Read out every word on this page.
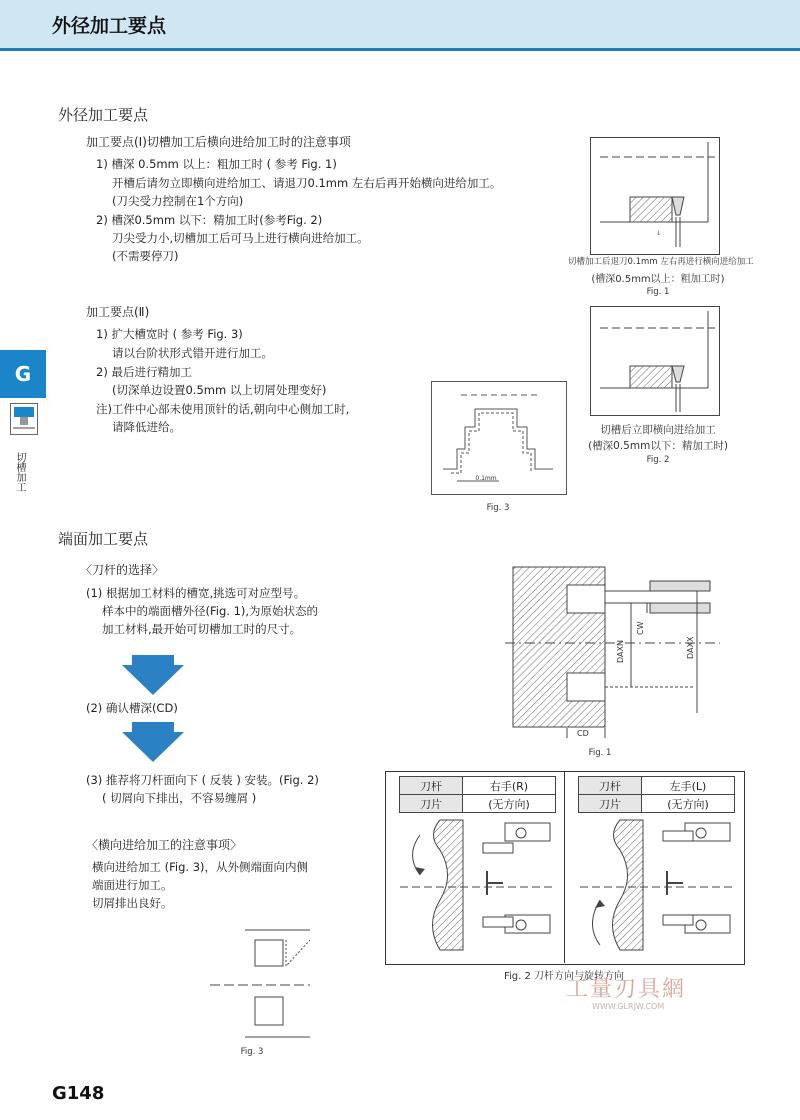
外径加工要点
G
切槽加工
外径加工要点
加工要点(Ⅰ)切槽加工后横向进给加工时的注意事项
1) 槽深 0.5mm 以上：粗加工时 ( 参考 Fig. 1)
开槽后请勿立即横向进给加工、请退刀0.1mm 左右后再开始横向进给加工。
(刀尖受力控制在1个方向)
2) 槽深0.5mm 以下：精加工时(参考Fig. 2)
刀尖受力小,切槽加工后可马上进行横向进给加工。
(不需要停刀)
加工要点(Ⅱ)
1) 扩大槽宽时 ( 参考 Fig. 3)
请以台阶状形式错开进行加工。
2) 最后进行精加工
(切深单边设置0.5mm 以上切屑处理变好)
注)工件中心部未使用顶针的话,朝向中心侧加工时,
请降低进给。
↓
切槽加工后退刀0.1mm 左右再进行横向进给加工
(槽深0.5mm以上：粗加工时)
Fig. 1
切槽后立即横向进给加工
(槽深0.5mm以下：精加工时)
Fig. 2
0.1mm
Fig. 3
端面加工要点
〈刀杆的选择〉
(1) 根据加工材料的槽宽,挑选可对应型号。
样本中的端面槽外径(Fig. 1),为原始状态的
加工材料,最开始可切槽加工时的尺寸。
(2) 确认槽深(CD)
(3) 推荐将刀杆面向下 ( 反装 ) 安装。(Fig. 2)
( 切屑向下排出，不容易缠屑 )
〈横向进给加工的注意事项〉
横向进给加工 (Fig. 3)，从外侧端面向内侧
端面进行加工。
切屑排出良好。
DAXN
CW
DAXX
CD
Fig. 1
刀杆	右手(R)
刀片	(无方向)
刀杆	左手(L)
刀片	(无方向)
Fig. 2 刀杆方向与旋转方向
Fig. 3
工量刃具網
WWW.GLRJW.COM
G148
